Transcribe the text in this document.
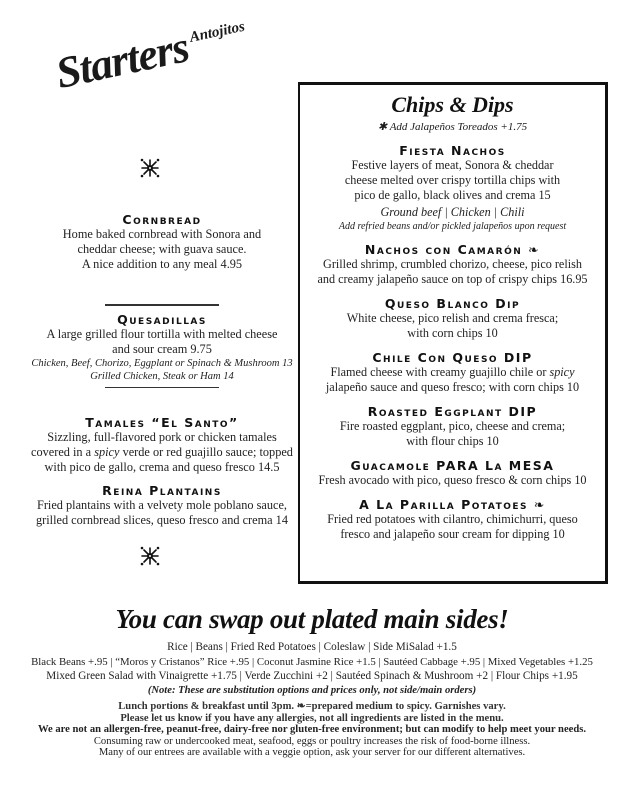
StartersAntojitos
Cornbread
Home baked cornbread with Sonora and
cheddar cheese; with guava sauce.
A nice addition to any meal 4.95
Quesadillas
A large grilled flour tortilla with melted cheese
and sour cream 9.75
Chicken, Beef, Chorizo, Eggplant or Spinach & Mushroom 13
Grilled Chicken, Steak or Ham 14
Tamales “El Santo”
Sizzling, full-flavored pork or chicken tamales
covered in a spicy verde or red guajillo sauce; topped
with pico de gallo, crema and queso fresco 14.5
Reina Plantains
Fried plantains with a velvety mole poblano sauce,
grilled cornbread slices, queso fresco and crema 14
Chips & Dips
✱ Add Jalapeños Toreados +1.75
Fiesta Nachos
Festive layers of meat, Sonora & cheddar
cheese melted over crispy tortilla chips with
pico de gallo, black olives and crema 15
Ground beef | Chicken | Chili
Add refried beans and/or pickled jalapeños upon request
Nachos con Camarón ❧
Grilled shrimp, crumbled chorizo, cheese, pico relish
and creamy jalapeño sauce on top of crispy chips 16.95
Queso Blanco Dip
White cheese, pico relish and crema fresca;
with corn chips 10
Chile Con Queso DIP
Flamed cheese with creamy guajillo chile or spicy
jalapeño sauce and queso fresco; with corn chips 10
Roasted Eggplant DIP
Fire roasted eggplant, pico, cheese and crema;
with flour chips 10
Guacamole PARA La MESA
Fresh avocado with pico, queso fresco & corn chips 10
A La Parilla Potatoes ❧
Fried red potatoes with cilantro, chimichurri, queso
fresco and jalapeño sour cream for dipping 10
You can swap out plated main sides!
Rice | Beans | Fried Red Potatoes | Coleslaw | Side MiSalad +1.5
Black Beans +.95 | “Moros y Cristanos” Rice +.95 | Coconut Jasmine Rice +1.5 | Sautéed Cabbage +.95 | Mixed Vegetables +1.25
Mixed Green Salad with Vinaigrette +1.75 | Verde Zucchini +2 | Sautéed Spinach & Mushroom +2 | Flour Chips +1.95
(Note: These are substitution options and prices only, not side/main orders)
Lunch portions & breakfast until 3pm. ❧=prepared medium to spicy. Garnishes vary.
Please let us know if you have any allergies, not all ingredients are listed in the menu.
We are not an allergen-free, peanut-free, dairy-free nor gluten-free environment; but can modify to help meet your needs.
Consuming raw or undercooked meat, seafood, eggs or poultry increases the risk of food-borne illness.
Many of our entrees are available with a veggie option, ask your server for our different alternatives.
